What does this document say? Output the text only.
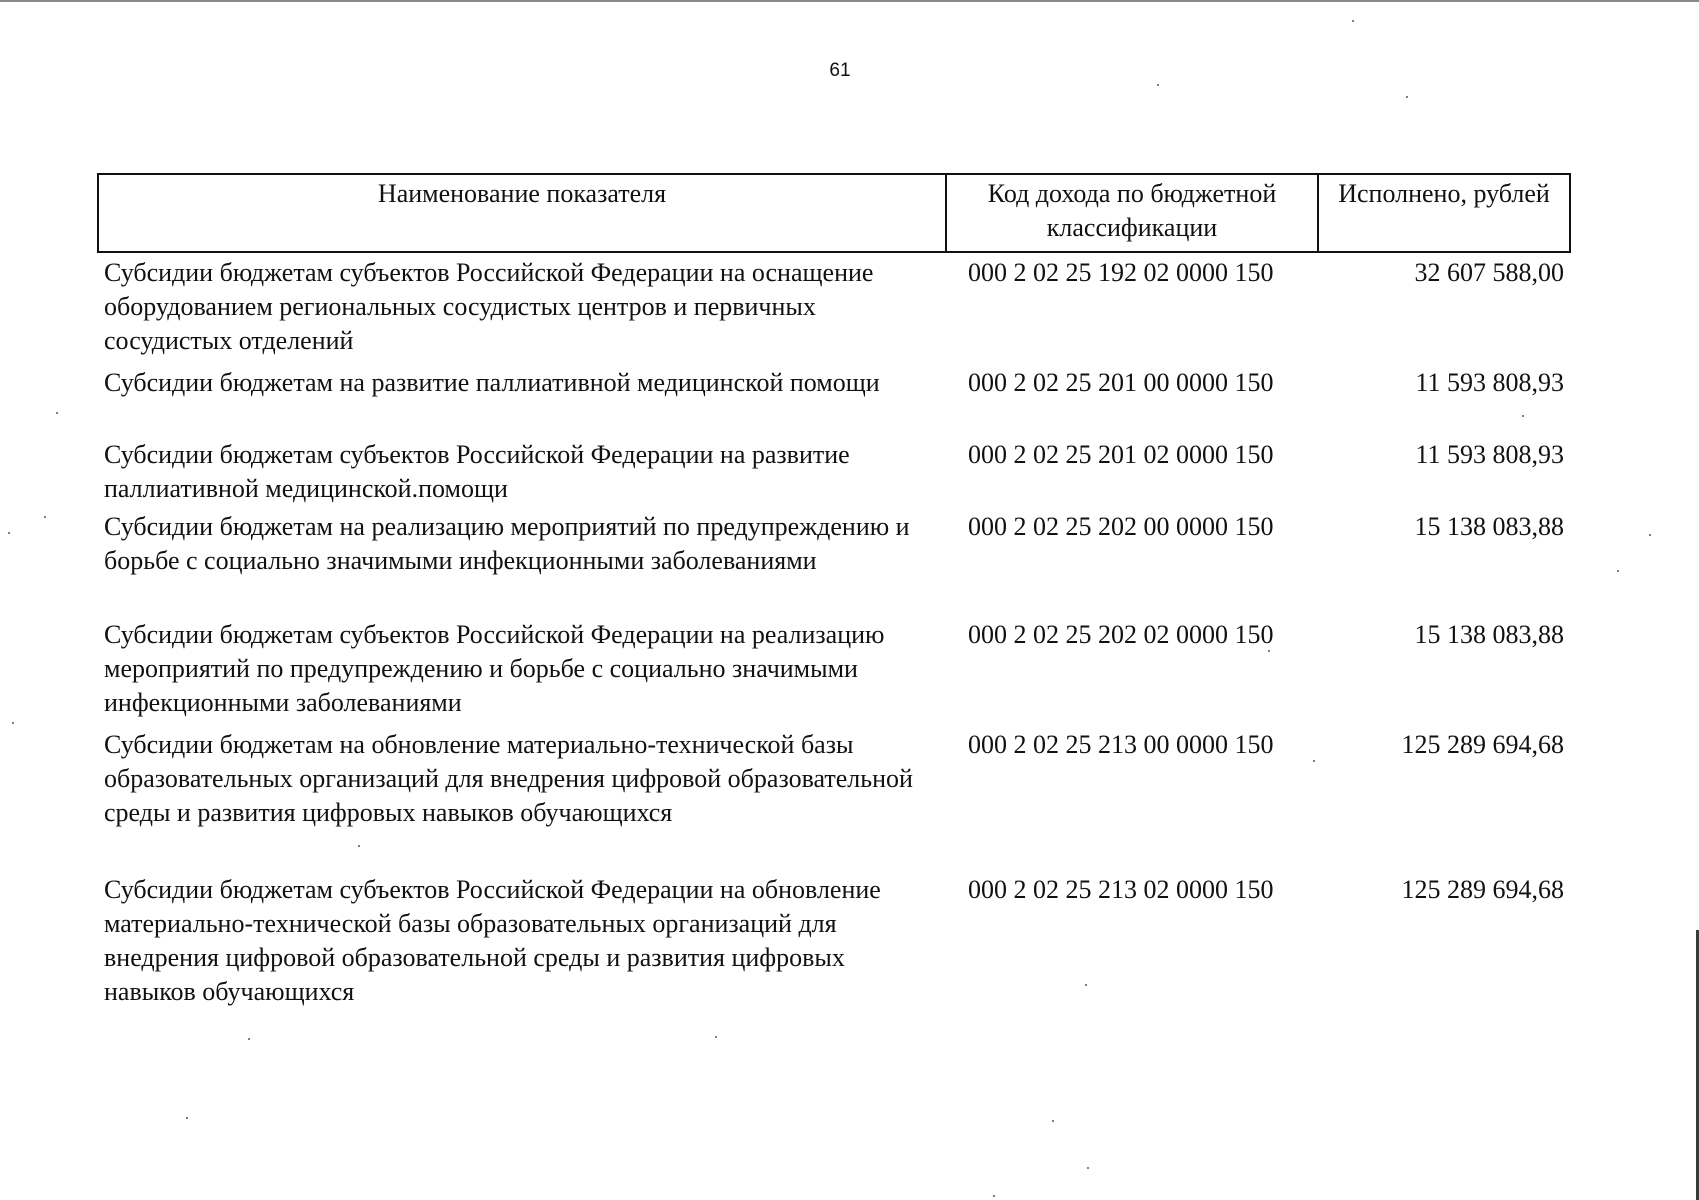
61
Наименование показателя	Код дохода по бюджетной классификации	Исполнено, рублей
Субсидии бюджетам субъектов Российской Федерации на оснащение оборудованием региональных сосудистых центров и первичных сосудистых отделений	000 2 02 25 192 02 0000 150	32 607 588,00
Субсидии бюджетам на развитие паллиативной медицинской помощи	000 2 02 25 201 00 0000 150	11 593 808,93
Субсидии бюджетам субъектов Российской Федерации на развитие паллиативной медицинской.помощи	000 2 02 25 201 02 0000 150	11 593 808,93
Субсидии бюджетам на реализацию мероприятий по предупреждению и борьбе с социально значимыми инфекционными заболеваниями	000 2 02 25 202 00 0000 150	15 138 083,88
Субсидии бюджетам субъектов Российской Федерации на реализацию мероприятий по предупреждению и борьбе с социально значимыми инфекционными заболеваниями	000 2 02 25 202 02 0000 150	15 138 083,88
Субсидии бюджетам на обновление материально-технической базы образовательных организаций для внедрения цифровой образовательной среды и развития цифровых навыков обучающихся	000 2 02 25 213 00 0000 150	125 289 694,68
Субсидии бюджетам субъектов Российской Федерации на обновление материально-технической базы образовательных организаций для внедрения цифровой образовательной среды и развития цифровых навыков обучающихся	000 2 02 25 213 02 0000 150	125 289 694,68
